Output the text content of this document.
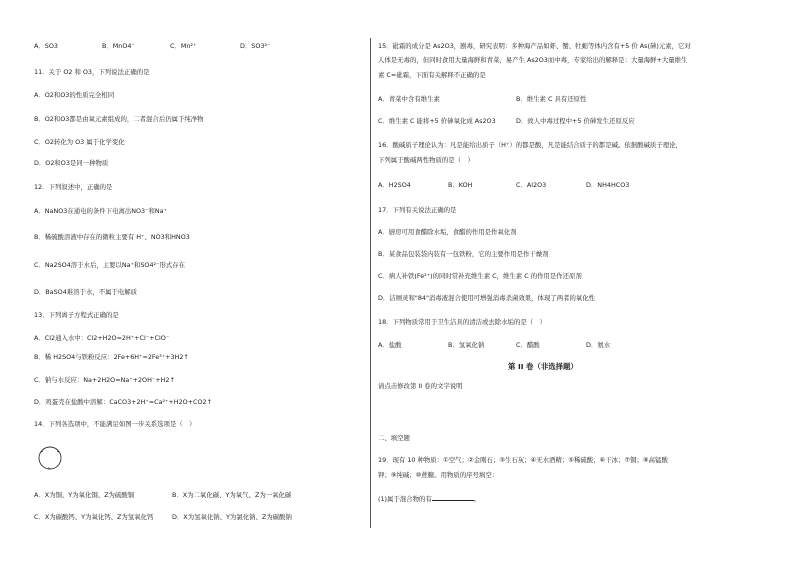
A．SO3	B．MnO4⁻	C．Mn²⁺	D．SO3²⁻
11．关于 O2 和 O3，下列说法正确的是
A．O2和O3的性质完全相同
B．O2和O3都是由氧元素组成的，二者混合后仍属于纯净物
C．O2转化为 O3 属于化学变化
D．O2和O3是同一种物质
12．下列叙述中，正确的是
A．NaNO3在通电的条件下电离出NO3⁻和Na⁺
B．稀硫酸溶液中存在的微粒主要有 H⁺、NO3和HNO3
C．Na2SO4溶于水后，主要以Na⁺和SO4²⁻形式存在
D．BaSO4难溶于水，不属于电解质
13．下列离子方程式正确的是
A．Cl2通入水中：Cl2+H2O=2H⁺+Cl⁻+ClO⁻
B．稀 H2SO4与铁粉反应：2Fe+6H⁺=2Fe³⁺+3H2↑
C．钠与水反应：Na+2H2O=Na⁺+2OH⁻+H2↑
D．鸡蛋壳在盐酸中溶解：CaCO3+2H⁺=Ca²⁺+H2O+CO2↑
14．下列各选项中，不能满足如图一步关系选项是（　）
A．X为铜、Y为氧化铜、Z为硫酸铜	B．X为二氧化碳、Y为氧气、Z为一氧化碳
C．X为碳酸钙、Y为氧化钙、Z为氢氧化钙	D．X为氢氧化钠、Y为氯化钠、Z为碳酸钠
15．砒霜的成分是 As2O3，剧毒，研究表明：多种海产品如虾、蟹、牡蛎等体内含有+5 价 As(砷)元素，它对
人体是无毒的，但同时食用大量海鲜和青菜，易产生 As2O3而中毒，专家给出的解释是：大量海鲜+大量维生
素 C=砒霜，下面有关解释不正确的是
A．青菜中含有维生素	B．维生素 C 具有还原性
C．维生素 C 能将+5 价砷氧化成 As2O3	D．致人中毒过程中+5 价砷发生还原反应
16．酸碱质子理论认为：凡是能给出质子（H⁺）的都是酸，凡是能结合质子的都是碱。依据酸碱质子理论，
下列属于酸碱两性物质的是（　）
A．H2SO4	B．KOH	C．Al2O3	D．NH4HCO3
17．下列有关说法正确的是
A．厨房可用食醋除水垢，食醋的作用是作氧化剂
B．某食品包装袋内装有一包铁粉，它的主要作用是作干燥剂
C．病人补铁(Fe²⁺)的同时常补充维生素 C，维生素 C 的作用是作还原剂
D．洁厕灵和"84"消毒液混合使用可增强消毒杀菌效果，体现了两者的氧化性
18．下列物质常用于卫生洁具的清洁或去除水垢的是（　）
A．盐酸	B．氢氧化钠	C．醋酸	D．氨水
第 II 卷（非选择题）
请点击修改第 II 卷的文字说明
二、填空题
19．现有 10 种物质：①空气；②金刚石；③生石灰；④无水酒精；⑤稀硫酸；⑥干冰；⑦铜；⑧高锰酸
钾；⑨纯碱；⑩蔗糖。用物质的序号填空：
(1)属于混合物的有	。
